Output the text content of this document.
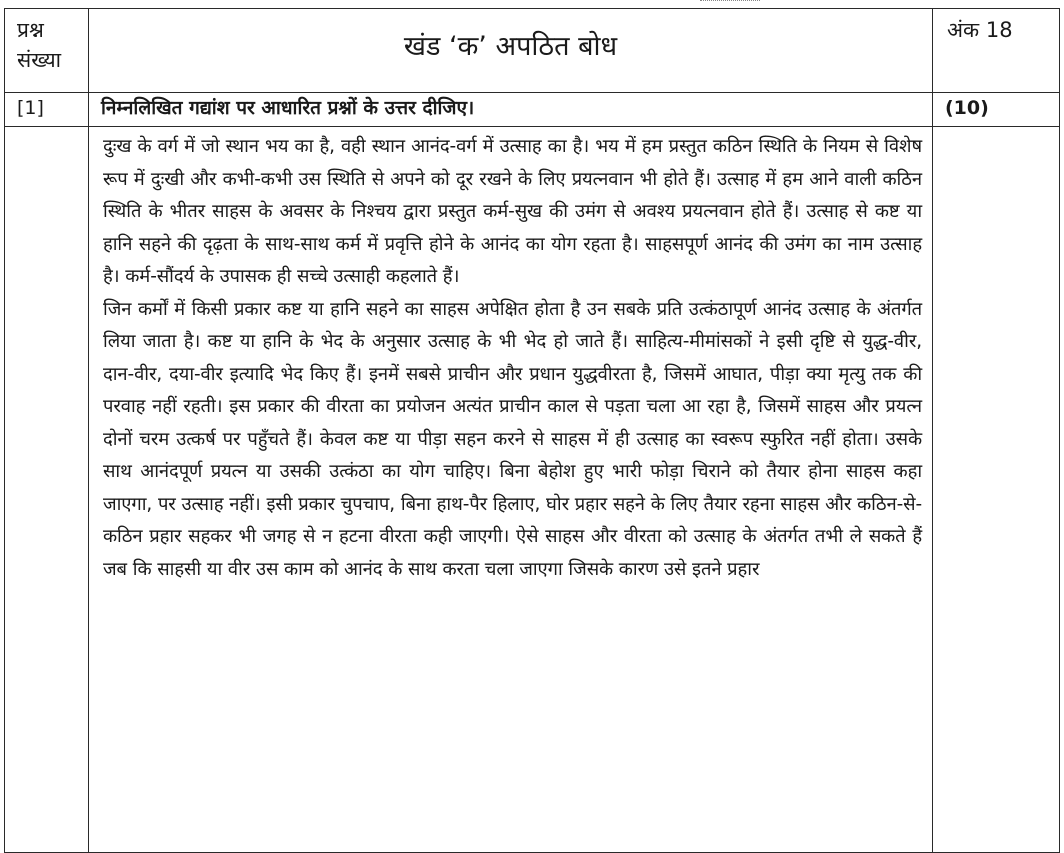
प्रश्न संख्या	खंड ‘क’ अपठित बोध	अंक 18
[1]	निम्नलिखित गद्यांश पर आधारित प्रश्नों के उत्तर दीजिए।	(10)

	दुःख के वर्ग में जो स्थान भय का है, वही स्थान आनंद-वर्ग में उत्साह का है। भय में हम प्रस्तुत कठिन स्थिति के नियम से विशेष रूप में दुःखी और कभी-कभी उस स्थिति से अपने को दूर रखने के लिए प्रयत्नवान भी होते हैं। उत्साह में हम आने वाली कठिन स्थिति के भीतर साहस के अवसर के निश्चय द्वारा प्रस्तुत कर्म-सुख की उमंग से अवश्य प्रयत्नवान होते हैं। उत्साह से कष्ट या हानि सहने की दृढ़ता के साथ-साथ कर्म में प्रवृत्ति होने के आनंद का योग रहता है। साहसपूर्ण आनंद की उमंग का नाम उत्साह है। कर्म-सौंदर्य के उपासक ही सच्चे उत्साही कहलाते हैं।

जिन कर्मों में किसी प्रकार कष्ट या हानि सहने का साहस अपेक्षित होता है उन सबके प्रति उत्कंठापूर्ण आनंद उत्साह के अंतर्गत लिया जाता है। कष्ट या हानि के भेद के अनुसार उत्साह के भी भेद हो जाते हैं। साहित्य-मीमांसकों ने इसी दृष्टि से युद्ध-वीर, दान-वीर, दया-वीर इत्यादि भेद किए हैं। इनमें सबसे प्राचीन और प्रधान युद्धवीरता है, जिसमें आघात, पीड़ा क्या मृत्यु तक की परवाह नहीं रहती। इस प्रकार की वीरता का प्रयोजन अत्यंत प्राचीन काल से पड़ता चला आ रहा है, जिसमें साहस और प्रयत्न दोनों चरम उत्कर्ष पर पहुँचते हैं। केवल कष्ट या पीड़ा सहन करने से साहस में ही उत्साह का स्वरूप स्फुरित नहीं होता। उसके साथ आनंदपूर्ण प्रयत्न या उसकी उत्कंठा का योग चाहिए। बिना बेहोश हुए भारी फोड़ा चिराने को तैयार होना साहस कहा जाएगा, पर उत्साह नहीं। इसी प्रकार चुपचाप, बिना हाथ-पैर हिलाए, घोर प्रहार सहने के लिए तैयार रहना साहस और कठिन-से-कठिन प्रहार सहकर भी जगह से न हटना वीरता कही जाएगी। ऐसे साहस और वीरता को उत्साह के अंतर्गत तभी ले सकते हैं जब कि साहसी या वीर उस काम को आनंद के साथ करता चला जाएगा जिसके कारण उसे इतने प्रहार	
